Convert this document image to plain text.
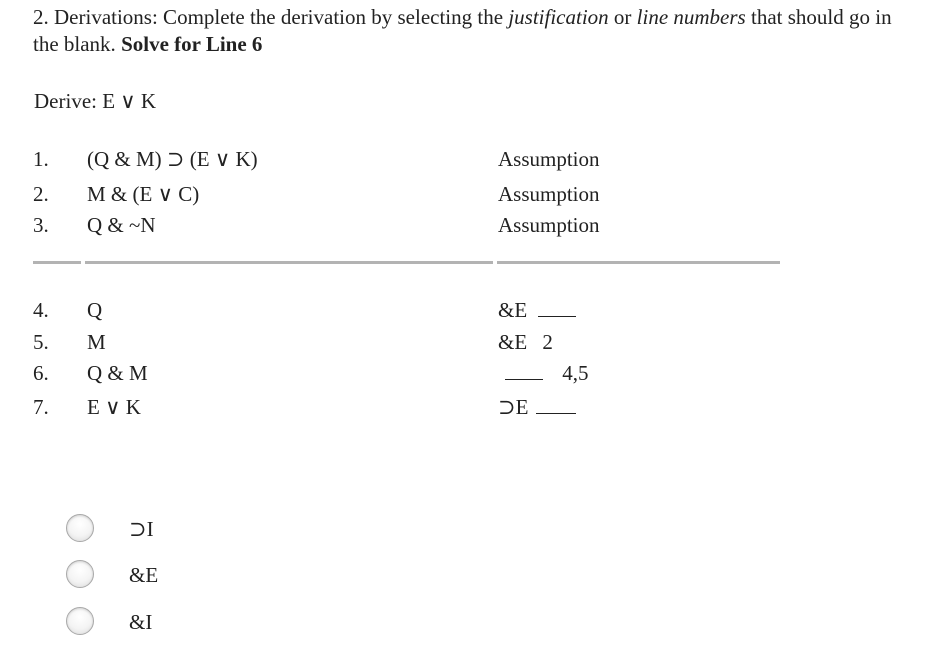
2. Derivations: Complete the derivation by selecting the justification or line numbers that should go in the blank. Solve for Line 6
Derive: E ∨ K
1. (Q & M) ⊃ (E ∨ K)	Assumption
2. M & (E ∨ C)	Assumption
3. Q & ~N	Assumption
4. Q	&E
5. M	&E 2
6. Q & M	4,5
7. E ∨ K	⊃E
⊃I
&E
&I
